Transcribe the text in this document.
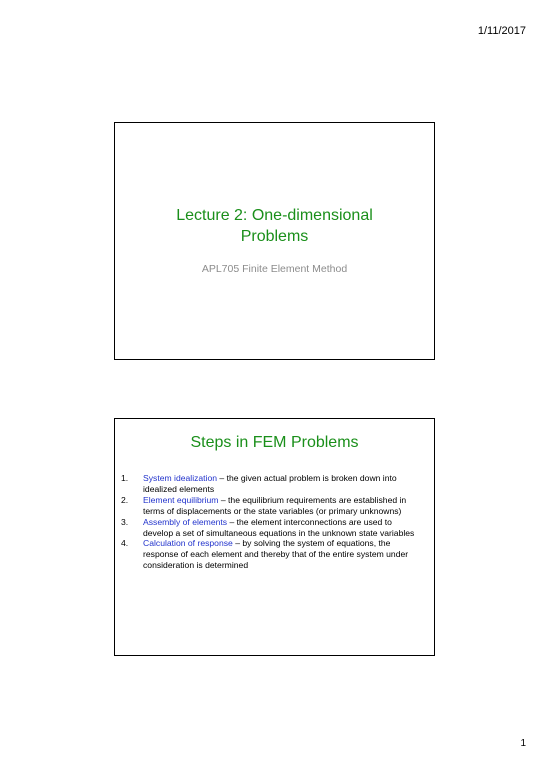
1/11/2017
Lecture 2: One-dimensional
Problems
APL705 Finite Element Method
Steps in FEM Problems
1. System idealization – the given actual problem is broken down into idealized elements
2. Element equilibrium – the equilibrium requirements are established in terms of displacements or the state variables (or primary unknowns)
3. Assembly of elements – the element interconnections are used to develop a set of simultaneous equations in the unknown state variables
4. Calculation of response – by solving the system of equations, the response of each element and thereby that of the entire system under consideration is determined
1
